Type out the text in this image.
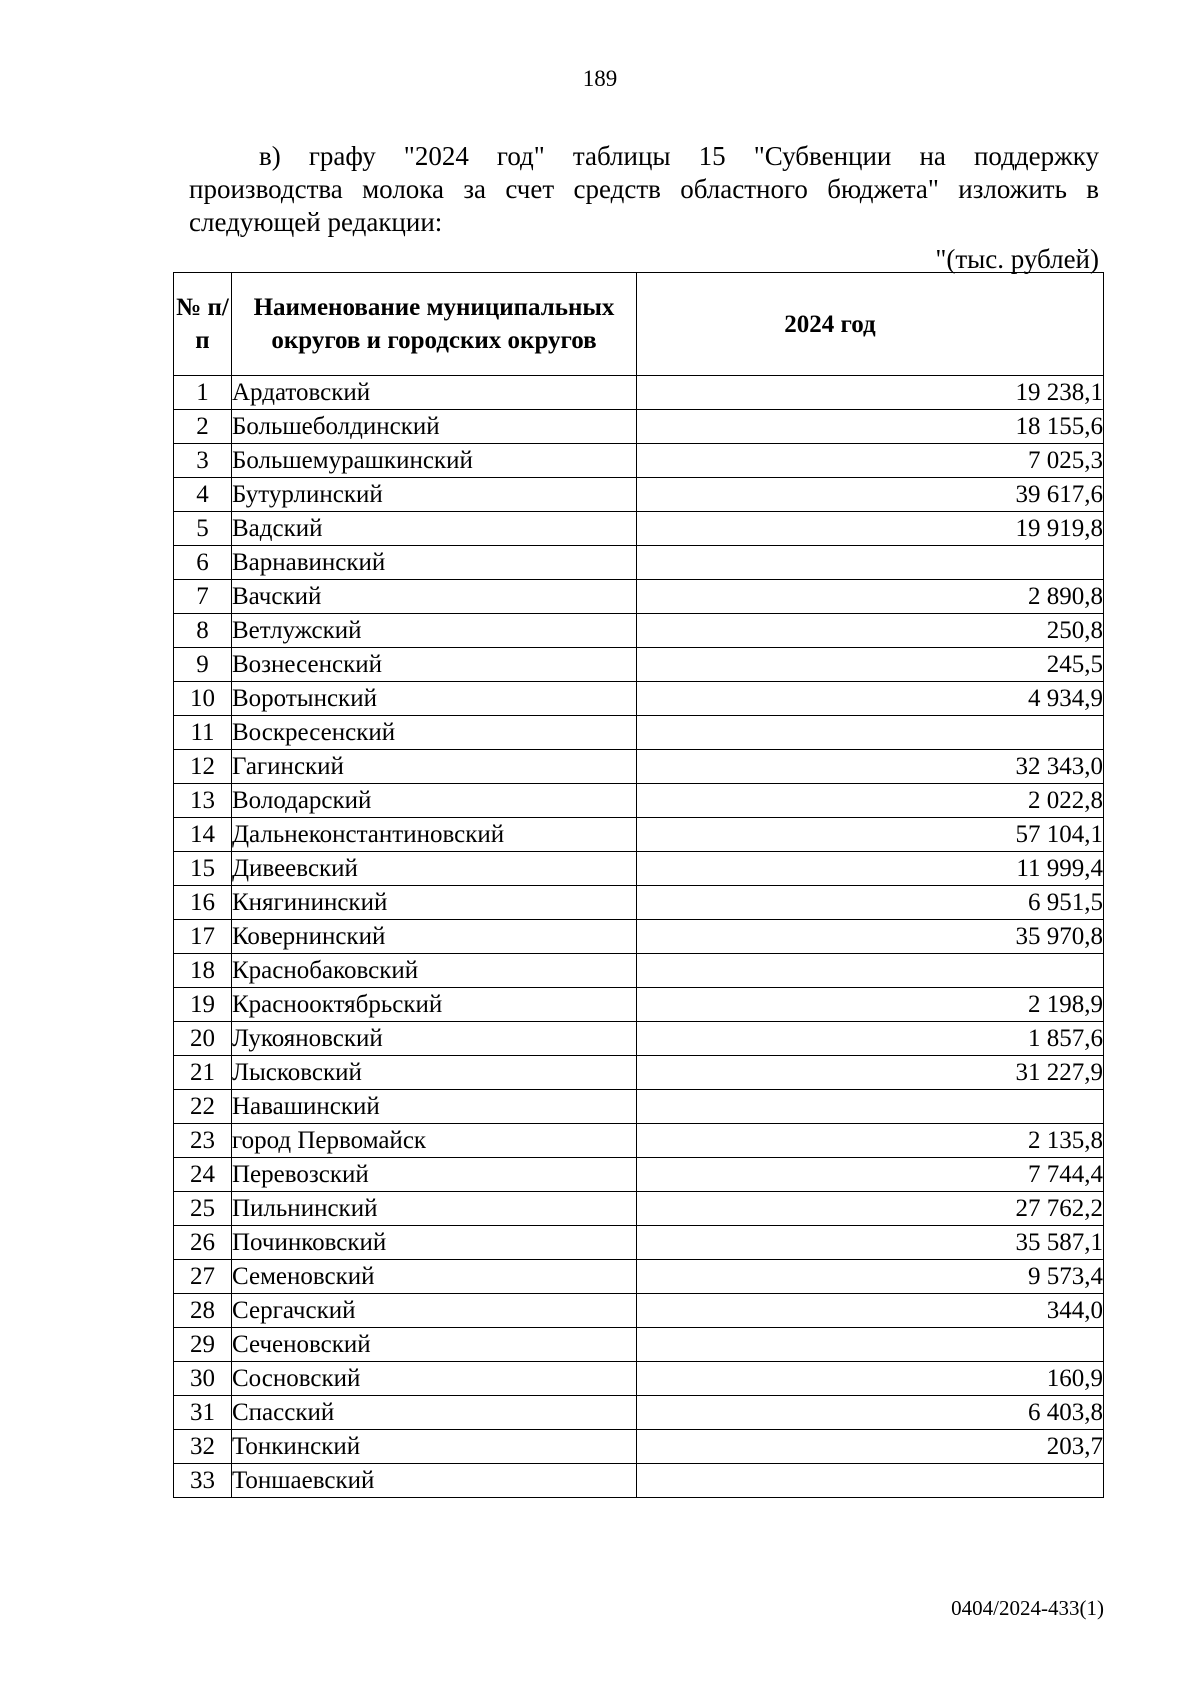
189
в) графу "2024 год" таблицы 15 "Субвенции на поддержку
производства молока за счет средств областного бюджета" изложить в
следующей редакции:
"(тыс. рублей)
№ п/п	Наименование муниципальных округов и городских округов	2024 год
1	Ардатовский	19 238,1
2	Большеболдинский	18 155,6
3	Большемурашкинский	7 025,3
4	Бутурлинский	39 617,6
5	Вадский	19 919,8
6	Варнавинский	
7	Вачский	2 890,8
8	Ветлужский	250,8
9	Вознесенский	245,5
10	Воротынский	4 934,9
11	Воскресенский	
12	Гагинский	32 343,0
13	Володарский	2 022,8
14	Дальнеконстантиновский	57 104,1
15	Дивеевский	11 999,4
16	Княгининский	6 951,5
17	Ковернинский	35 970,8
18	Краснобаковский	
19	Краснооктябрьский	2 198,9
20	Лукояновский	1 857,6
21	Лысковский	31 227,9
22	Навашинский	
23	город Первомайск	2 135,8
24	Перевозский	7 744,4
25	Пильнинский	27 762,2
26	Починковский	35 587,1
27	Семеновский	9 573,4
28	Сергачский	344,0
29	Сеченовский	
30	Сосновский	160,9
31	Спасский	6 403,8
32	Тонкинский	203,7
33	Тоншаевский	
0404/2024-433(1)
